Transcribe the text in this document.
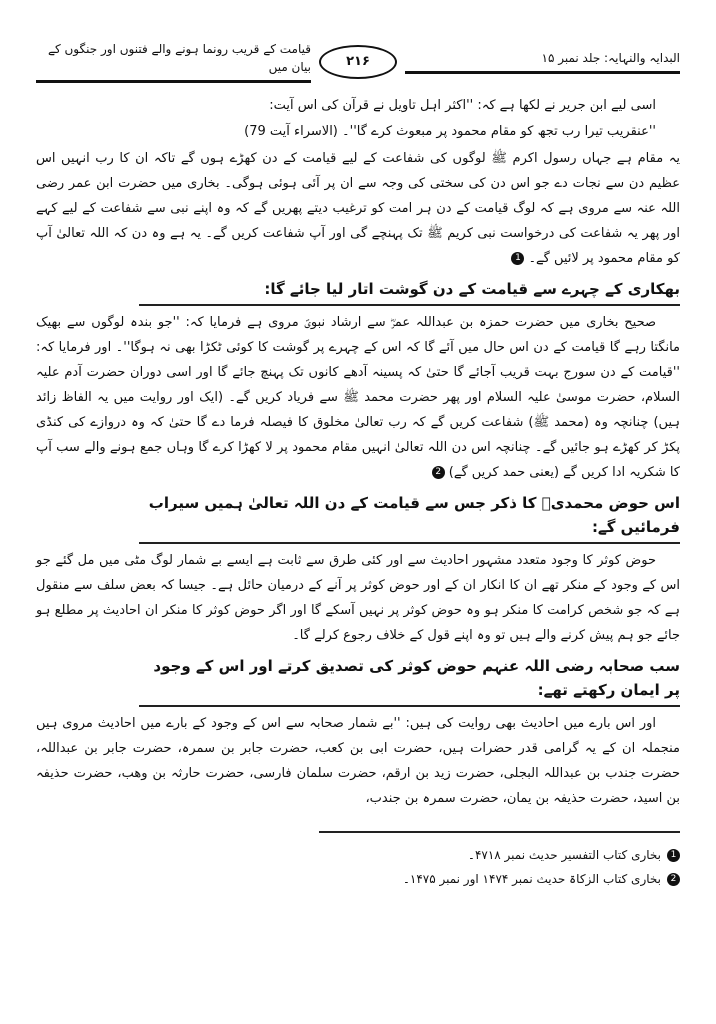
قیامت کے قریب رونما ہونے والے فتنوں اور جنگوں کے بیان میں	۲۱۶	البدایہ والنہایہ: جلد نمبر ۱۵

اسی لیے ابن جریر نے لکھا ہے کہ: ''اکثر اہل تاویل نے قرآن کی اس آیت:

''عنقریب تیرا رب تجھ کو مقام محمود پر مبعوث کرے گا''۔ (الاسراء آیت 79)

یہ مقام ہے جہاں رسول اکرم ﷺ لوگوں کی شفاعت کے لیے قیامت کے دن کھڑے ہوں گے تاکہ ان کا رب انہیں اس عظیم دن سے نجات دے جو اس دن کی سختی کی وجہ سے ان پر آئی ہوئی ہوگی۔ بخاری میں حضرت ابن عمر رضی اللہ عنہ سے مروی ہے کہ لوگ قیامت کے دن ہر امت کو ترغیب دیتے پھریں گے کہ وہ اپنے نبی سے شفاعت کے لیے کہے اور پھر یہ شفاعت کی درخواست نبی کریم ﷺ تک پہنچے گی اور آپ شفاعت کریں گے۔ یہ ہے وہ دن کہ اللہ تعالیٰ آپ کو مقام محمود پر لائیں گے۔1

بھکاری کے چہرے سے قیامت کے دن گوشت اتار لیا جائے گا:

صحیح بخاری میں حضرت حمزہ بن عبداللہ عمرؓ سے ارشاد نبویؐ مروی ہے فرمایا کہ: ''جو بندہ لوگوں سے بھیک مانگتا رہے گا قیامت کے دن اس حال میں آئے گا کہ اس کے چہرے پر گوشت کا کوئی ٹکڑا بھی نہ ہوگا''۔ اور فرمایا کہ: ''قیامت کے دن سورج بہت قریب آجائے گا حتیٰ کہ پسینہ آدھے کانوں تک پہنچ جائے گا اور اسی دوران حضرت آدم علیہ السلام، حضرت موسیٰ علیہ السلام اور پھر حضرت محمد ﷺ سے فریاد کریں گے۔ (ایک اور روایت میں یہ الفاظ زائد ہیں) چنانچہ وہ (محمد ﷺ) شفاعت کریں گے کہ رب تعالیٰ مخلوق کا فیصلہ فرما دے گا حتیٰ کہ وہ دروازے کی کنڈی پکڑ کر کھڑے ہو جائیں گے۔ چنانچہ اس دن اللہ تعالیٰ انہیں مقام محمود پر لا کھڑا کرے گا وہاں جمع ہونے والے سب آپ کا شکریہ ادا کریں گے (یعنی حمد کریں گے)2

اس حوض محمدیؐ کا ذکر جس سے قیامت کے دن اللہ تعالیٰ ہمیں سیراب فرمائیں گے:

حوض کوثر کا وجود متعدد مشہور احادیث سے اور کئی طرق سے ثابت ہے ایسے بے شمار لوگ مٹی میں مل گئے جو اس کے وجود کے منکر تھے ان کا انکار ان کے اور حوض کوثر پر آنے کے درمیان حائل ہے۔ جیسا کہ بعض سلف سے منقول ہے کہ جو شخص کرامت کا منکر ہو وہ حوض کوثر پر نہیں آسکے گا اور اگر حوض کوثر کا منکر ان احادیث پر مطلع ہو جائے جو ہم پیش کرنے والے ہیں تو وہ اپنے قول کے خلاف رجوع کرلے گا۔

سب صحابہ رضی اللہ عنہم حوض کوثر کی تصدیق کرتے اور اس کے وجود پر ایمان رکھتے تھے:

اور اس بارے میں احادیث بھی روایت کی ہیں: ''بے شمار صحابہ سے اس کے وجود کے بارے میں احادیث مروی ہیں منجملہ ان کے یہ گرامی قدر حضرات ہیں، حضرت ابی بن کعب، حضرت جابر بن سمرہ، حضرت جابر بن عبداللہ، حضرت جندب بن عبداللہ البجلی، حضرت زید بن ارقم، حضرت سلمان فارسی، حضرت حارثہ بن وھب، حضرت حذیفہ بن اسید، حضرت حذیفہ بن یمان، حضرت سمرہ بن جندب،

1بخاری کتاب التفسیر حدیث نمبر ۴۷۱۸۔

2بخاری کتاب الزکاۃ حدیث نمبر ۱۴۷۴ اور نمبر ۱۴۷۵۔
